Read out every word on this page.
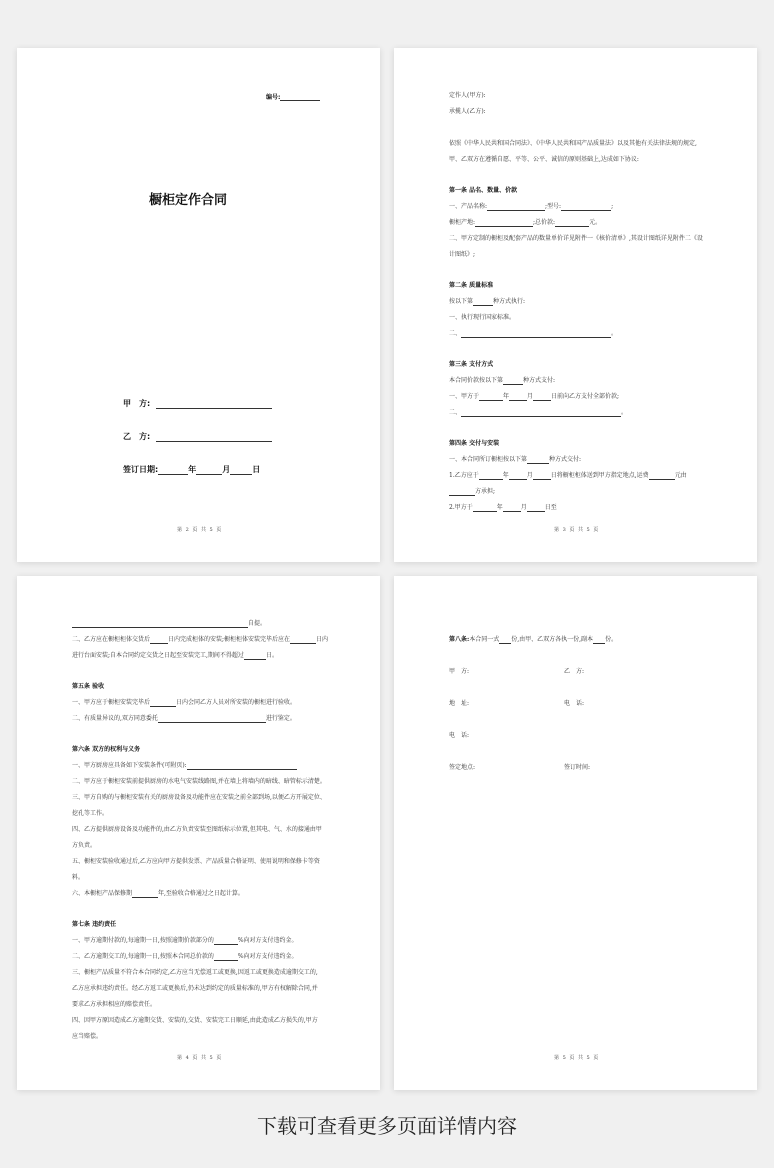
编号:
橱柜定作合同
甲　方:
乙　方:
签订日期:	年	月	日
第 2 页 共 5 页
定作人(甲方):
承揽人(乙方):
依照《中华人民共和国合同法》、《中华人民共和国产品质量法》以及其他有关法律法规的规定,
甲、乙双方在遵循自愿、平等、公平、诚信的原则基础上,达成如下协议:
第一条 品名、数量、价款
一、产品名称:	;型号:	;
橱柜产地:	;总价款:	元。
二、甲方定制的橱柜及配套产品的数量单价详见附件一《核价清单》,其设计图纸详见附件二《设
计图纸》;
第二条 质量标准
按以下第	种方式执行:
一、执行现行国家标准。
二、	。
第三条 支付方式
本合同价款按以下第	种方式支付:
一、甲方于	年	月	日前向乙方支付全部价款;
二、	。
第四条 交付与安装
一、本合同所订橱柜按以下第	种方式交付:
1.乙方应于	年	月	日将橱柜柜体送到甲方指定地点,运费	元由
方承担;
2.甲方于	年	月	日至
第 3 页 共 5 页
自提。
二、乙方应在橱柜柜体交货后	日内完成柜体的安装;橱柜柜体安装完毕后应在	日内
进行台面安装;自本合同约定交货之日起至安装完工,期间不得超过	日。
第五条 验收
一、甲方应于橱柜安装完毕后	日内会同乙方人员对所安装的橱柜进行验收。
二、有质量异议的,双方同意委托	进行鉴定。
第六条 双方的权利与义务
一、甲方厨房应具备如下安装条件(可附页):
二、甲方应于橱柜安装前提供厨房的水电气安装线路图,并在墙上将墙内的暗线、暗管标示清楚。
三、甲方自购的与橱柜安装有关的厨房设备及功能件应在安装之前全部到场,以便乙方开展定位、
挖孔等工作。
四、乙方提供厨房设备及功能件的,由乙方负责安装至图纸标示位置,但其电、气、水的接通由甲
方负责。
五、橱柜安装验收通过后,乙方应向甲方提供发票、产品质量合格证明、使用说明和保修卡等资
料。
六、本橱柜产品保修期	年,至验收合格通过之日起计算。
第七条 违约责任
一、甲方逾期付款的,每逾期一日,按照逾期价款部分的	%向对方支付违约金。
二、乙方逾期交工的,每逾期一日,按照本合同总价款的	%向对方支付违约金。
三、橱柜产品质量不符合本合同约定,乙方应当无偿返工或更换,因返工或更换造成逾期交工的,
乙方应承担违约责任。经乙方返工或更换后,仍未达到约定的质量标准的,甲方有权解除合同,并
要求乙方承担相应的赔偿责任。
四、因甲方原因造成乙方逾期交货、安装的,交货、安装完工日顺延,由此造成乙方损失的,甲方
应当赔偿。
第 4 页 共 5 页
第八条:本合同一式 份,由甲、乙双方各执一份,副本 份。
甲　方:	乙　方:
地　址:	电　话:
电　话:
签定地点:	签订时间:
第 5 页 共 5 页
下载可查看更多页面详情内容
